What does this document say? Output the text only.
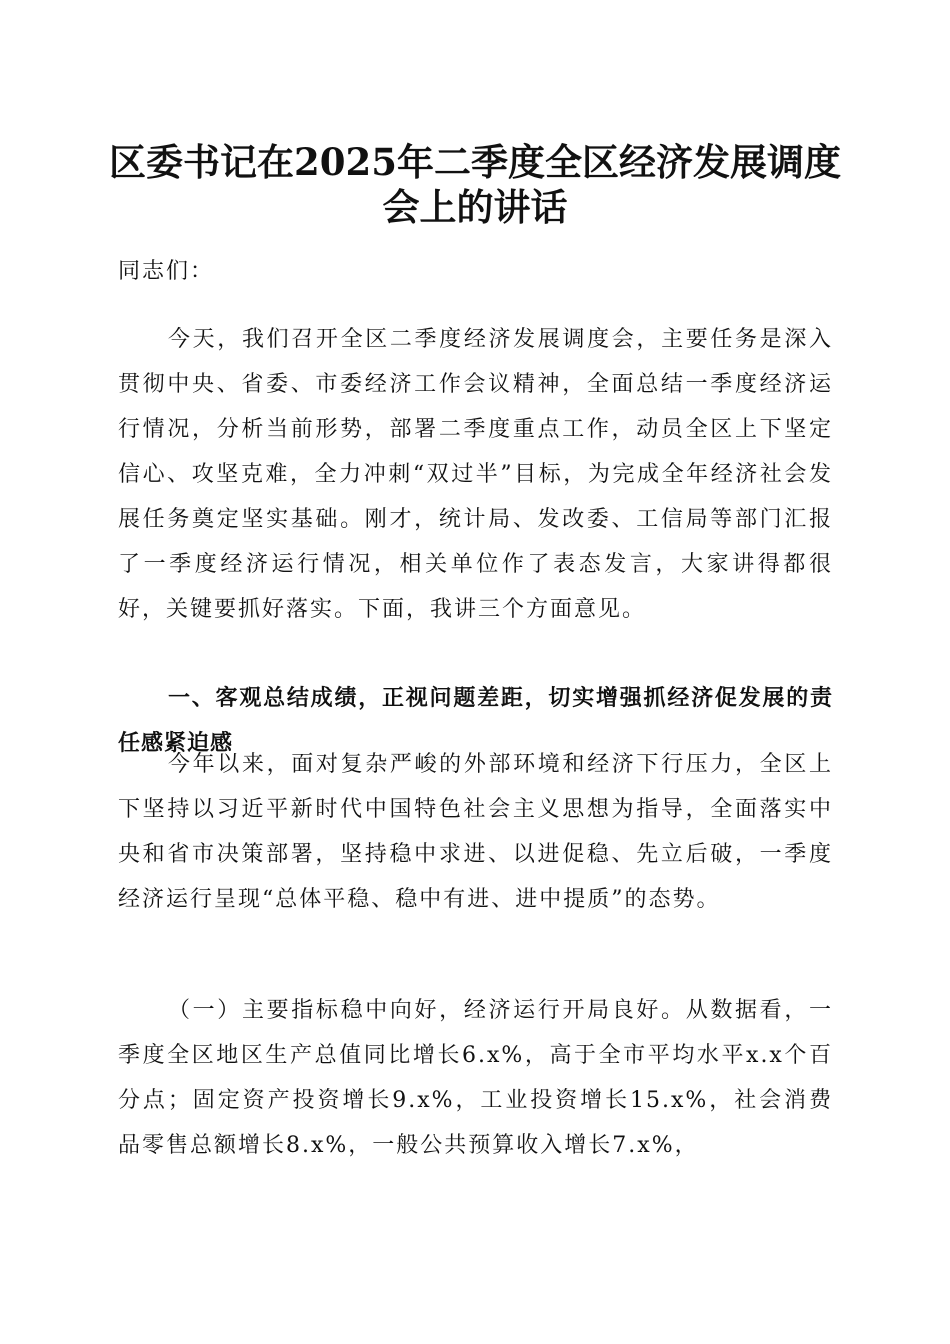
区委书记在2025年二季度全区经济发展调度
会上的讲话

同志们：

今天，我们召开全区二季度经济发展调度会，主要任务是深入贯彻中央、省委、市委经济工作会议精神，全面总结一季度经济运行情况，分析当前形势，部署二季度重点工作，动员全区上下坚定信心、攻坚克难，全力冲刺“双过半”目标，为完成全年经济社会发展任务奠定坚实基础。刚才，统计局、发改委、工信局等部门汇报了一季度经济运行情况，相关单位作了表态发言，大家讲得都很好，关键要抓好落实。下面，我讲三个方面意见。

一、客观总结成绩，正视问题差距，切实增强抓经济促发展的责任感紧迫感

今年以来，面对复杂严峻的外部环境和经济下行压力，全区上下坚持以习近平新时代中国特色社会主义思想为指导，全面落实中央和省市决策部署，坚持稳中求进、以进促稳、先立后破，一季度经济运行呈现“总体平稳、稳中有进、进中提质”的态势。

（一）主要指标稳中向好，经济运行开局良好。从数据看，一季度全区地区生产总值同比增长6.x%，高于全市平均水平x.x个百分点；固定资产投资增长9.x%，工业投资增长15.x%，社会消费品零售总额增长8.x%，一般公共预算收入增长7.x%，
